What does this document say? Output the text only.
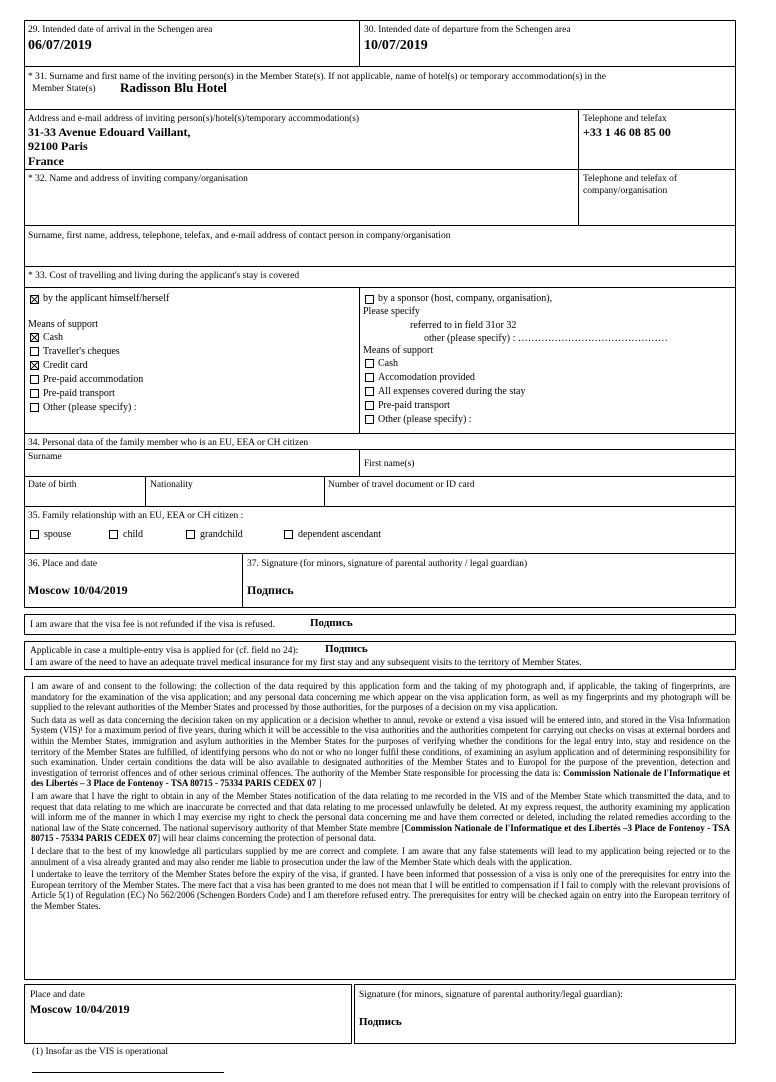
29. Intended date of arrival in the Schengen area
06/07/2019
30. Intended date of departure from the Schengen area
10/07/2019
* 31. Surname and first name of the inviting person(s) in the Member State(s). If not applicable, name of hotel(s) or temporary accommodation(s) in the
Member State(s) Radisson Blu Hotel
Address and e-mail address of inviting person(s)/hotel(s)/temporary accommodation(s)
31-33 Avenue Edouard Vaillant,
92100 Paris
France
Telephone and telefax
+33 1 46 08 85 00
* 32. Name and address of inviting company/organisation	Telephone and telefax of
company/organisation
Surname, first name, address, telephone, telefax, and e-mail address of contact person in company/organisation
* 33. Cost of travelling and living during the applicant's stay is covered
by the applicant himself/herself
Means of support
Cash
Traveller's cheques
Credit card
Pre-paid accommodation
Pre-paid transport
Other (please specify) :
by a sponsor (host, company, organisation),
Please specify
referred to in field 31or 32
other (please specify) : ………………………………………
Means of support
Cash
Accomodation provided
All expenses covered during the stay
Pre-paid transport
Other (please specify) :
34. Personal data of the family member who is an EU, EEA or CH citizen
Surname
First name(s)
Date of birth	Nationality	Number of travel document or ID card
35. Family relationship with an EU, EEA or CH citizen :
spouse	child	grandchild	dependent ascendant
36. Place and date
Moscow 10/04/2019
37. Signature (for minors, signature of parental authority / legal guardian)
Подпись
I am aware that the visa fee is not refunded if the visa is refused.	Подпись
Applicable in case a multiple-entry visa is applied for (cf. field no 24): Подпись
I am aware of the need to have an adequate travel medical insurance for my first stay and any subsequent visits to the territory of Member States.

I am aware of and consent to the following: the collection of the data required by this application form and the taking of my photograph and, if applicable, the taking of fingerprints, are mandatory for the examination of the visa application; and any personal data concerning me which appear on the visa application form, as well as my fingerprints and my photograph will be supplied to the relevant authorities of the Member States and processed by those authorities, for the purposes of a decision on my visa application.

Such data as well as data concerning the decision taken on my application or a decision whether to annul, revoke or extend a visa issued will be entered into, and stored in the Visa Information System (VIS)¹ for a maximum period of five years, during which it will be accessible to the visa authorities and the authorities competent for carrying out checks on visas at external borders and within the Member States, immigration and asylum authorities in the Member States for the purposes of verifying whether the conditions for the legal entry into, stay and residence on the territory of the Member States are fulfilled, of identifying persons who do not or who no longer fulfil these conditions, of examining an asylum application and of determining responsibility for such examination. Under certain conditions the data will be also available to designated authorities of the Member States and to Europol for the purpose of the prevention, detection and investigation of terrorist offences and of other serious criminal offences. The authority of the Member State responsible for processing the data is: Commission Nationale de l'Informatique et des Libertés – 3 Place de Fontenoy - TSA 80715 - 75334 PARIS CEDEX 07 ]

I am aware that I have the right to obtain in any of the Member States notification of the data relating to me recorded in the VIS and of the Member State which transmitted the data, and to request that data relating to me which are inaccurate be corrected and that data relating to me processed unlawfully be deleted. At my express request, the authority examining my application will inform me of the manner in which I may exercise my right to check the personal data concerning me and have them corrected or deleted, including the related remedies according to the national law of the State concerned. The national supervisory authority of that Member State membre [Commission Nationale de l'Informatique et des Libertés –3 Place de Fontenoy - TSA 80715 - 75334 PARIS CEDEX 07] will hear claims concerning the protection of personal data.

I declare that to the best of my knowledge all particulars supplied by me are correct and complete. I am aware that any false statements will lead to my application being rejected or to the annulment of a visa already granted and may also render me liable to prosecution under the law of the Member State which deals with the application.

I undertake to leave the territory of the Member States before the expiry of the visa, if granted. I have been informed that possession of a visa is only one of the prerequisites for entry into the European territory of the Member States. The mere fact that a visa has been granted to me does not mean that I will be entitled to compensation if I fail to comply with the relevant provisions of Article 5(1) of Regulation (EC) No 562/2006 (Schengen Borders Code) and I am therefore refused entry. The prerequisites for entry will be checked again on entry into the European territory of the Member States.

Place and date
Moscow 10/04/2019
Signature (for minors, signature of parental authority/legal guardian):
Подпись
(1) Insofar as the VIS is operational
